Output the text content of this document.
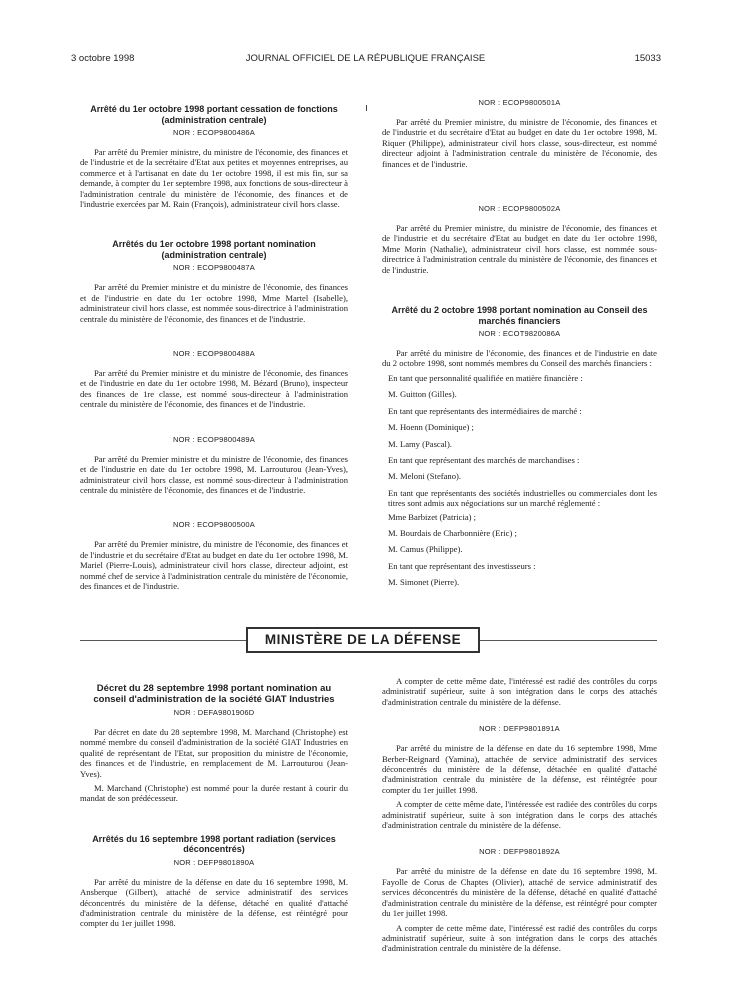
3 octobre 1998	JOURNAL OFFICIEL DE LA RÉPUBLIQUE FRANÇAISE	15033
Arrêté du 1er octobre 1998 portant cessation de fonctions (administration centrale)
NOR : ECOP9800486A

Par arrêté du Premier ministre, du ministre de l'économie, des finances et de l'industrie et de la secrétaire d'Etat aux petites et moyennes entreprises, au commerce et à l'artisanat en date du 1er octobre 1998, il est mis fin, sur sa demande, à compter du 1er septembre 1998, aux fonctions de sous-directeur à l'administration centrale du ministère de l'économie, des finances et de l'industrie exercées par M. Rain (François), administrateur civil hors classe.

Arrêtés du 1er octobre 1998 portant nomination (administration centrale)
NOR : ECOP9800487A

Par arrêté du Premier ministre et du ministre de l'économie, des finances et de l'industrie en date du 1er octobre 1998, Mme Martel (Isabelle), administrateur civil hors classe, est nommée sous-directrice à l'administration centrale du ministère de l'économie, des finances et de l'industrie.

NOR : ECOP9800488A

Par arrêté du Premier ministre et du ministre de l'économie, des finances et de l'industrie en date du 1er octobre 1998, M. Bézard (Bruno), inspecteur des finances de 1re classe, est nommé sous-directeur à l'administration centrale du ministère de l'économie, des finances et de l'industrie.

NOR : ECOP9800489A

Par arrêté du Premier ministre et du ministre de l'économie, des finances et de l'industrie en date du 1er octobre 1998, M. Larrouturou (Jean-Yves), administrateur civil hors classe, est nommé sous-directeur à l'administration centrale du ministère de l'économie, des finances et de l'industrie.

NOR : ECOP9800500A

Par arrêté du Premier ministre, du ministre de l'économie, des finances et de l'industrie et du secrétaire d'Etat au budget en date du 1er octobre 1998, M. Mariel (Pierre-Louis), administrateur civil hors classe, directeur adjoint, est nommé chef de service à l'administration centrale du ministère de l'économie, des finances et de l'industrie.

NOR : ECOP9800501A

Par arrêté du Premier ministre, du ministre de l'économie, des finances et de l'industrie et du secrétaire d'Etat au budget en date du 1er octobre 1998, M. Riquer (Philippe), administrateur civil hors classe, sous-directeur, est nommé directeur adjoint à l'administration centrale du ministère de l'économie, des finances et de l'industrie.

NOR : ECOP9800502A

Par arrêté du Premier ministre, du ministre de l'économie, des finances et de l'industrie et du secrétaire d'Etat au budget en date du 1er octobre 1998, Mme Morin (Nathalie), administrateur civil hors classe, est nommée sous-directrice à l'administration centrale du ministère de l'économie, des finances et de l'industrie.

Arrêté du 2 octobre 1998 portant nomination au Conseil des marchés financiers
NOR : ECOT9820086A

Par arrêté du ministre de l'économie, des finances et de l'industrie en date du 2 octobre 1998, sont nommés membres du Conseil des marchés financiers :

En tant que personnalité qualifiée en matière financière :

M. Guitton (Gilles).

En tant que représentants des intermédiaires de marché :

M. Hoenn (Dominique) ;

M. Lamy (Pascal).

En tant que représentant des marchés de marchandises :

M. Meloni (Stefano).

En tant que représentants des sociétés industrielles ou commerciales dont les titres sont admis aux négociations sur un marché réglementé :

Mme Barbizet (Patricia) ;

M. Bourdais de Charbonnière (Eric) ;

M. Camus (Philippe).

En tant que représentant des investisseurs :

M. Simonet (Pierre).

MINISTÈRE DE LA DÉFENSE
Décret du 28 septembre 1998 portant nomination au conseil d'administration de la société GIAT Industries
NOR : DEFA9801906D

Par décret en date du 28 septembre 1998, M. Marchand (Christophe) est nommé membre du conseil d'administration de la société GIAT Industries en qualité de représentant de l'Etat, sur proposition du ministre de l'économie, des finances et de l'industrie, en remplacement de M. Larrouturou (Jean-Yves).

M. Marchand (Christophe) est nommé pour la durée restant à courir du mandat de son prédécesseur.

Arrêtés du 16 septembre 1998 portant radiation (services déconcentrés)
NOR : DEFP9801890A

Par arrêté du ministre de la défense en date du 16 septembre 1998, M. Ansberque (Gilbert), attaché de service administratif des services déconcentrés du ministère de la défense, détaché en qualité d'attaché d'administration centrale du ministère de la défense, est réintégré pour compter du 1er juillet 1998.

A compter de cette même date, l'intéressé est radié des contrôles du corps administratif supérieur, suite à son intégration dans le corps des attachés d'administration centrale du ministère de la défense.

NOR : DEFP9801891A

Par arrêté du ministre de la défense en date du 16 septembre 1998, Mme Berber-Reignard (Yamina), attachée de service administratif des services déconcentrés du ministère de la défense, détachée en qualité d'attaché d'administration centrale du ministère de la défense, est réintégrée pour compter du 1er juillet 1998.

A compter de cette même date, l'intéressée est radiée des contrôles du corps administratif supérieur, suite à son intégration dans le corps des attachés d'administration centrale du ministère de la défense.

NOR : DEFP9801892A

Par arrêté du ministre de la défense en date du 16 septembre 1998, M. Fayolle de Corus de Chaptes (Olivier), attaché de service administratif des services déconcentrés du ministère de la défense, détaché en qualité d'attaché d'administration centrale du ministère de la défense, est réintégré pour compter du 1er juillet 1998.

A compter de cette même date, l'intéressé est radié des contrôles du corps administratif supérieur, suite à son intégration dans le corps des attachés d'administration centrale du ministère de la défense.
